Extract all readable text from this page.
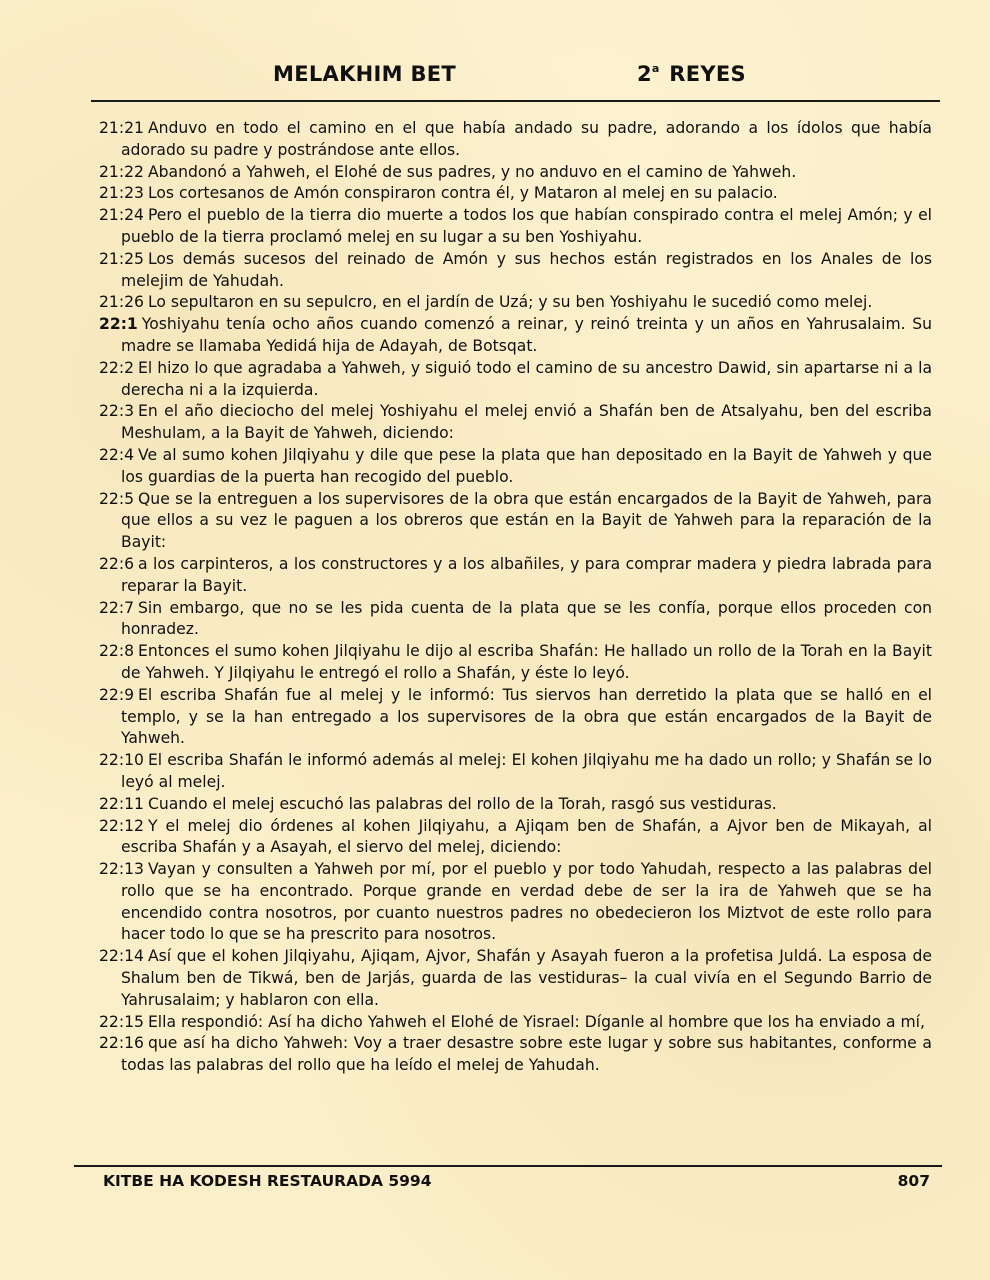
MELAKHIM BET	2$^a$ REYES

21:21 Anduvo en todo el camino en el que había andado su padre, adorando a los ídolos que había adorado su padre y postrándose ante ellos.

21:22 Abandonó a Yahweh, el Elohé de sus padres, y no anduvo en el camino de Yahweh.

21:23 Los cortesanos de Amón conspiraron contra él, y Mataron al melej en su palacio.

21:24 Pero el pueblo de la tierra dio muerte a todos los que habían conspirado contra el melej Amón; y el pueblo de la tierra proclamó melej en su lugar a su ben Yoshiyahu.

21:25 Los demás sucesos del reinado de Amón y sus hechos están registrados en los Anales de los melejim de Yahudah.

21:26 Lo sepultaron en su sepulcro, en el jardín de Uzá; y su ben Yoshiyahu le sucedió como melej.

22:1 Yoshiyahu tenía ocho años cuando comenzó a reinar, y reinó treinta y un años en Yahrusalaim. Su madre se llamaba Yedidá hija de Adayah, de Botsqat.

22:2 El hizo lo que agradaba a Yahweh, y siguió todo el camino de su ancestro Dawid, sin apartarse ni a la derecha ni a la izquierda.

22:3 En el año dieciocho del melej Yoshiyahu el melej envió a Shafán ben de Atsalyahu, ben del escriba Meshulam, a la Bayit de Yahweh, diciendo:

22:4 Ve al sumo kohen Jilqiyahu y dile que pese la plata que han depositado en la Bayit de Yahweh y que los guardias de la puerta han recogido del pueblo.

22:5 Que se la entreguen a los supervisores de la obra que están encargados de la Bayit de Yahweh, para que ellos a su vez le paguen a los obreros que están en la Bayit de Yahweh para la reparación de la Bayit:

22:6 a los carpinteros, a los constructores y a los albañiles, y para comprar madera y piedra labrada para reparar la Bayit.

22:7 Sin embargo, que no se les pida cuenta de la plata que se les confía, porque ellos proceden con honradez.

22:8 Entonces el sumo kohen Jilqiyahu le dijo al escriba Shafán: He hallado un rollo de la Torah en la Bayit de Yahweh. Y Jilqiyahu le entregó el rollo a Shafán, y éste lo leyó.

22:9 El escriba Shafán fue al melej y le informó: Tus siervos han derretido la plata que se halló en el templo, y se la han entregado a los supervisores de la obra que están encargados de la Bayit de Yahweh.

22:10 El escriba Shafán le informó además al melej: El kohen Jilqiyahu me ha dado un rollo; y Shafán se lo leyó al melej.

22:11 Cuando el melej escuchó las palabras del rollo de la Torah, rasgó sus vestiduras.

22:12 Y el melej dio órdenes al kohen Jilqiyahu, a Ajiqam ben de Shafán, a Ajvor ben de Mikayah, al escriba Shafán y a Asayah, el siervo del melej, diciendo:

22:13 Vayan y consulten a Yahweh por mí, por el pueblo y por todo Yahudah, respecto a las palabras del rollo que se ha encontrado. Porque grande en verdad debe de ser la ira de Yahweh que se ha encendido contra nosotros, por cuanto nuestros padres no obedecieron los Miztvot de este rollo para hacer todo lo que se ha prescrito para nosotros.

22:14 Así que el kohen Jilqiyahu, Ajiqam, Ajvor, Shafán y Asayah fueron a la profetisa Juldá. La esposa de Shalum ben de Tikwá, ben de Jarjás, guarda de las vestiduras– la cual vivía en el Segundo Barrio de Yahrusalaim; y hablaron con ella.

22:15 Ella respondió: Así ha dicho Yahweh el Elohé de Yisrael: Díganle al hombre que los ha enviado a mí,

22:16 que así ha dicho Yahweh: Voy a traer desastre sobre este lugar y sobre sus habitantes, conforme a todas las palabras del rollo que ha leído el melej de Yahudah.

KITBE HA KODESH RESTAURADA 5994	807
